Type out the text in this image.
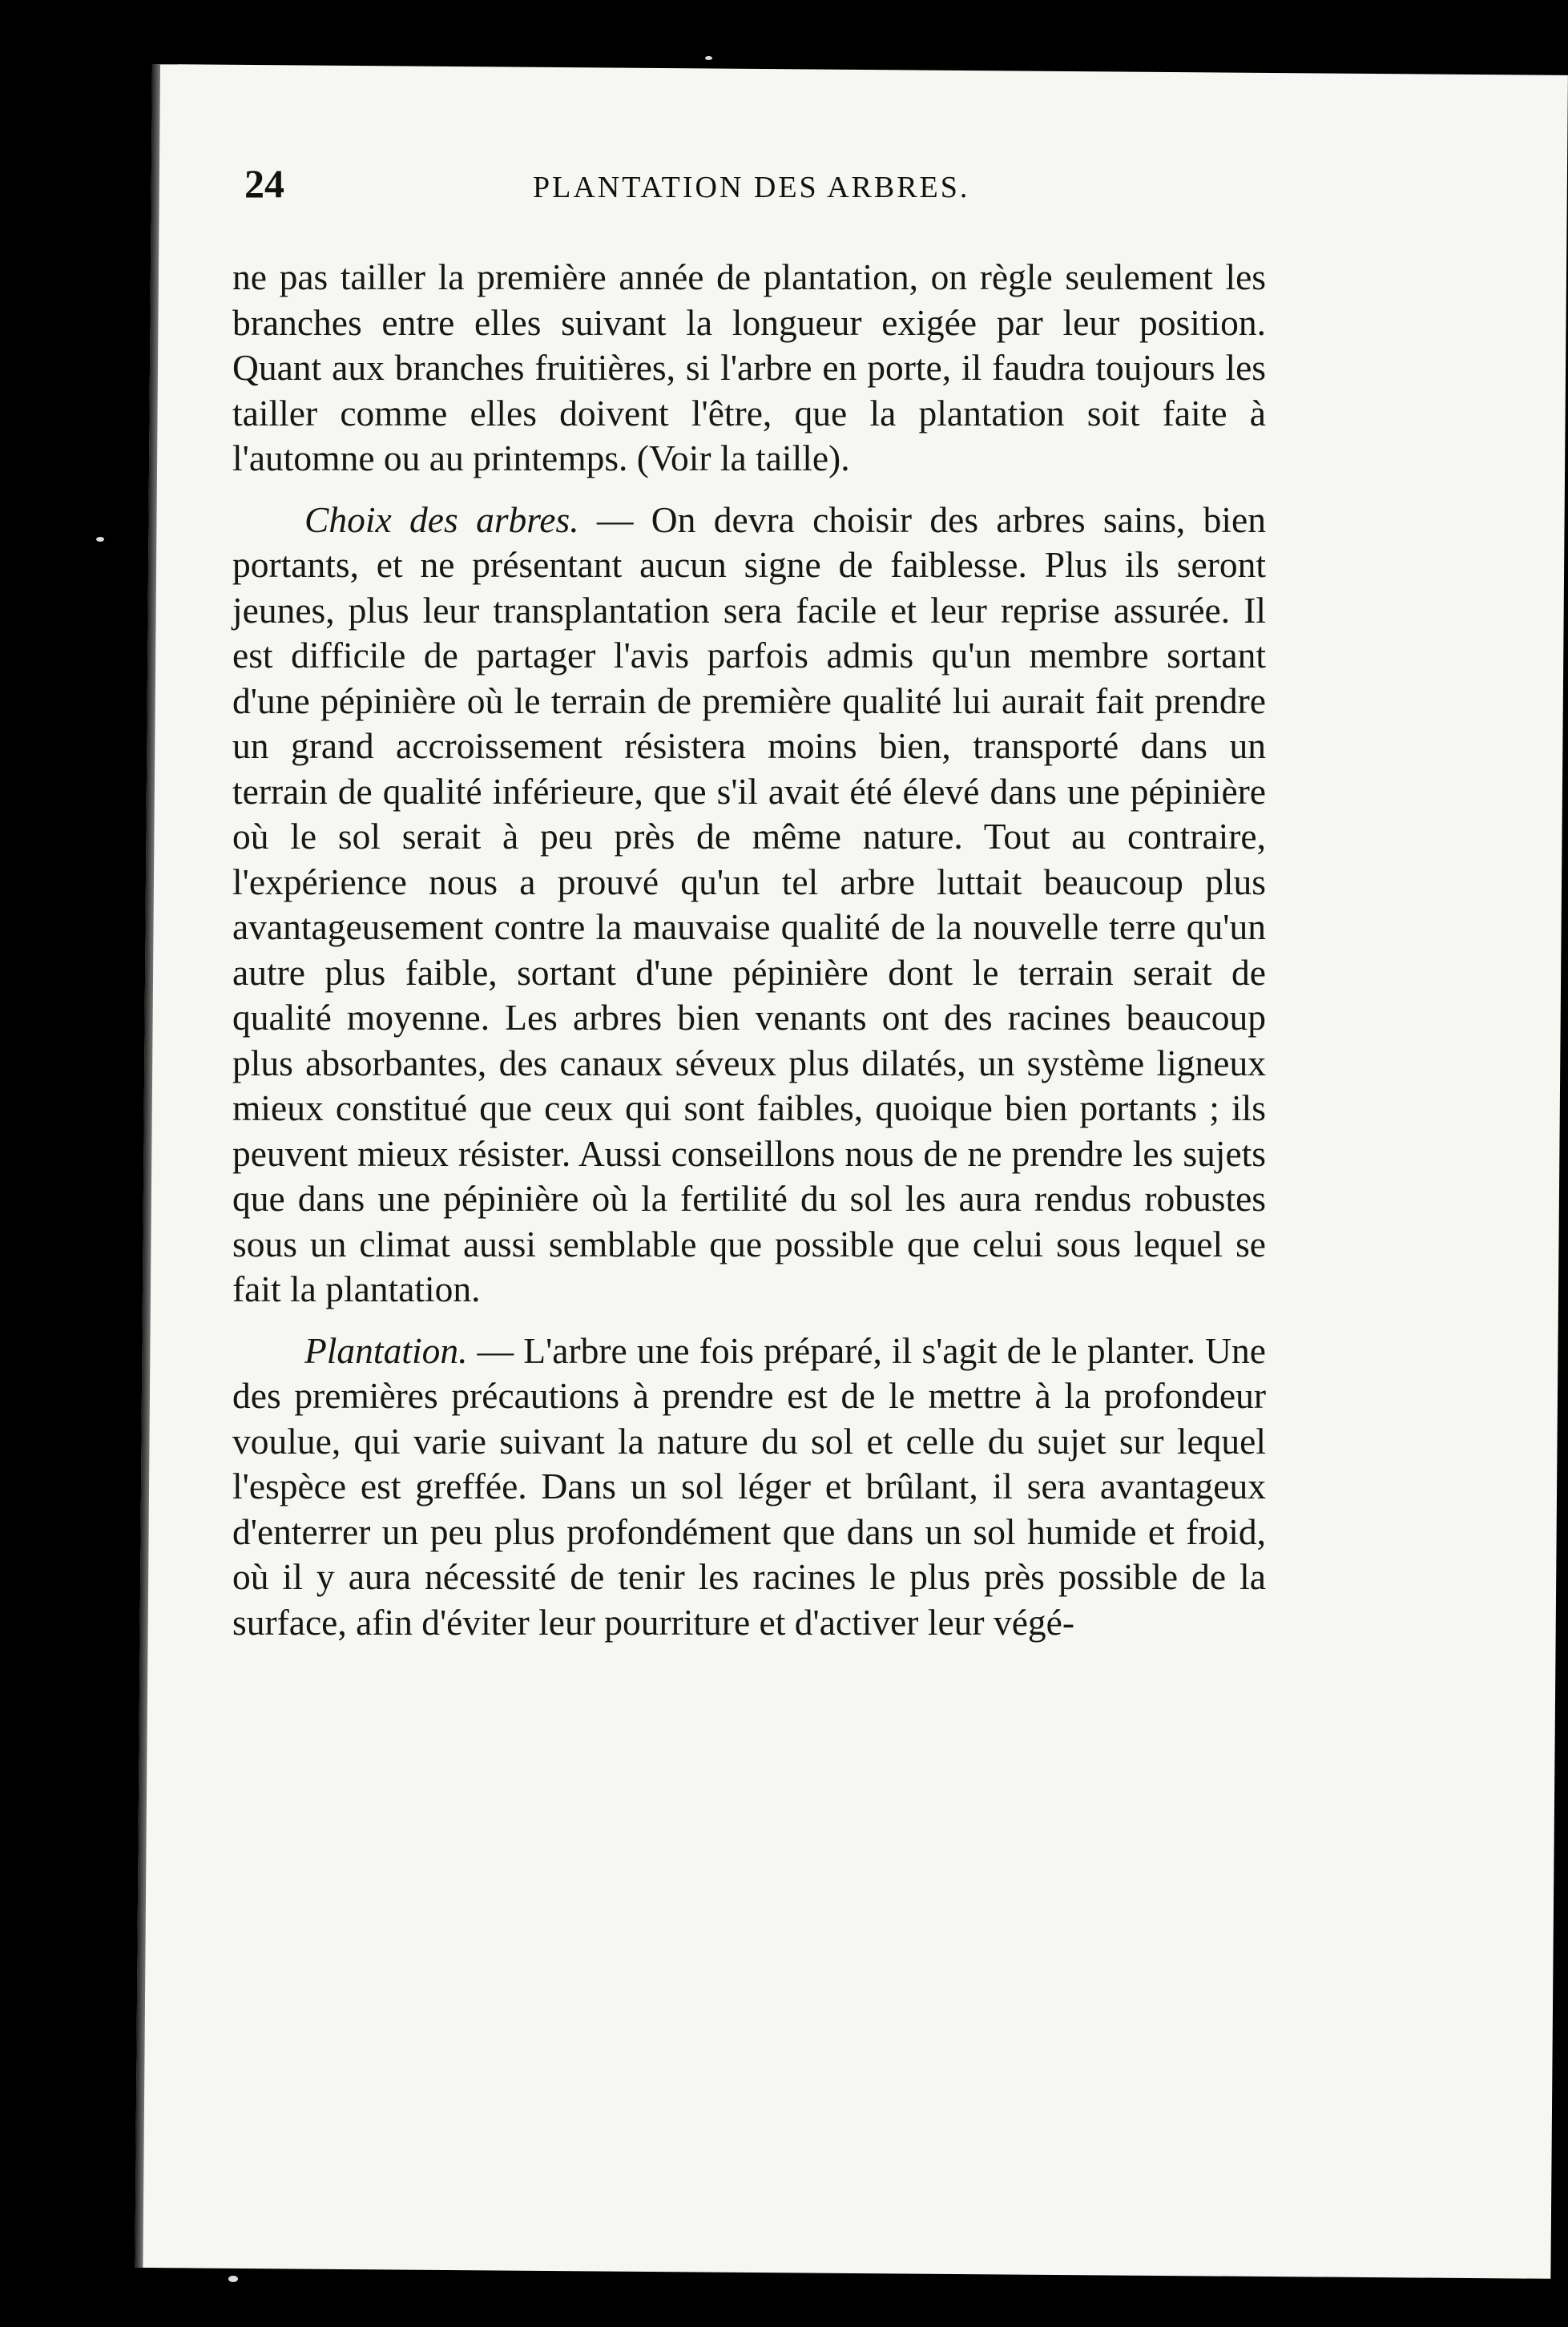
24	PLANTATION DES ARBRES.

ne pas tailler la première année de plantation, on règle seulement les branches entre elles suivant la longueur exigée par leur position. Quant aux branches fruitières, si l'arbre en porte, il faudra toujours les tailler comme elles doivent l'être, que la plantation soit faite à l'automne ou au printemps. (Voir la taille).

Choix des arbres. — On devra choisir des arbres sains, bien portants, et ne présentant aucun signe de faiblesse. Plus ils seront jeunes, plus leur transplantation sera facile et leur reprise assurée. Il est difficile de partager l'avis parfois admis qu'un membre sortant d'une pépinière où le terrain de première qualité lui aurait fait prendre un grand accroissement résistera moins bien, transporté dans un terrain de qualité inférieure, que s'il avait été élevé dans une pépinière où le sol serait à peu près de même nature. Tout au contraire, l'expérience nous a prouvé qu'un tel arbre luttait beaucoup plus avantageusement contre la mauvaise qualité de la nouvelle terre qu'un autre plus faible, sortant d'une pépinière dont le terrain serait de qualité moyenne. Les arbres bien venants ont des racines beaucoup plus absorbantes, des canaux séveux plus dilatés, un système ligneux mieux constitué que ceux qui sont faibles, quoique bien portants ; ils peuvent mieux résister. Aussi conseillons nous de ne prendre les sujets que dans une pépinière où la fertilité du sol les aura rendus robustes sous un climat aussi semblable que possible que celui sous lequel se fait la plantation.

Plantation. — L'arbre une fois préparé, il s'agit de le planter. Une des premières précautions à prendre est de le mettre à la profondeur voulue, qui varie suivant la nature du sol et celle du sujet sur lequel l'espèce est greffée. Dans un sol léger et brûlant, il sera avantageux d'enterrer un peu plus profondément que dans un sol humide et froid, où il y aura nécessité de tenir les racines le plus près possible de la surface, afin d'éviter leur pourriture et d'activer leur végé-
